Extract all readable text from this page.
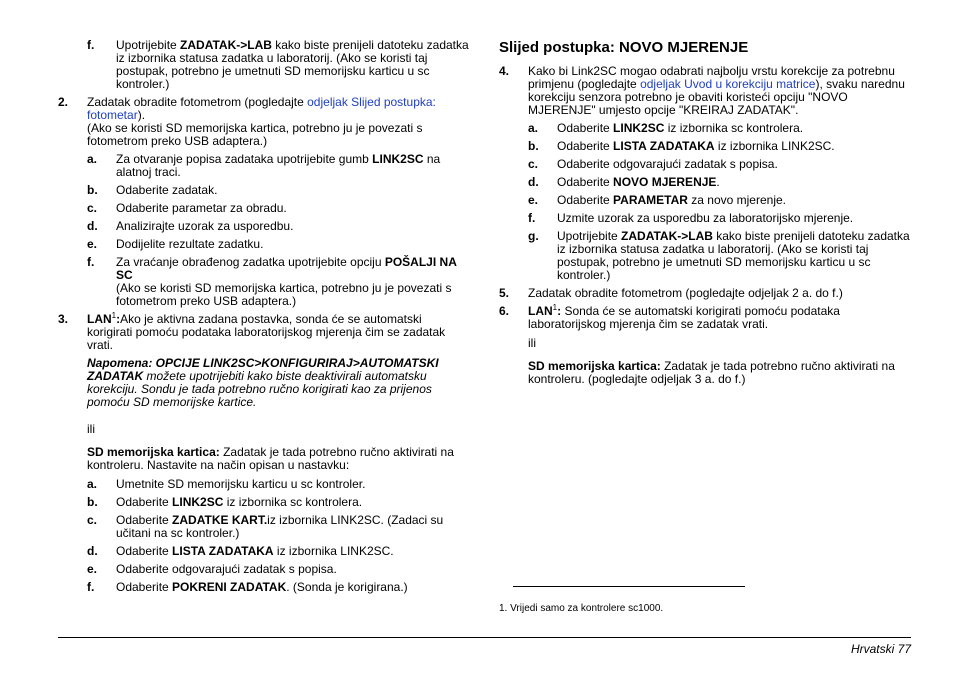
f.	Upotrijebite ZADATAK->LAB kako biste prenijeli datoteku zadatka iz izbornika statusa zadatka u laboratorij. (Ako se koristi taj postupak, potrebno je umetnuti SD memorijsku karticu u sc kontroler.)
2.	Zadatak obradite fotometrom (pogledajte odjeljak Slijed postupka: fotometar).
(Ako se koristi SD memorijska kartica, potrebno ju je povezati s fotometrom preko USB adaptera.)
a.	Za otvaranje popisa zadataka upotrijebite gumb LINK2SC na alatnoj traci.
b.	Odaberite zadatak.
c.	Odaberite parametar za obradu.
d.	Analizirajte uzorak za usporedbu.
e.	Dodijelite rezultate zadatku.
f.	Za vraćanje obrađenog zadatka upotrijebite opciju POŠALJI NA SC
(Ako se koristi SD memorijska kartica, potrebno ju je povezati s fotometrom preko USB adaptera.)
3.	LAN$^1$:Ako je aktivna zadana postavka, sonda će se automatski korigirati pomoću podataka laboratorijskog mjerenja čim se zadatak vrati.
Napomena: OPCIJE LINK2SC>KONFIGURIRAJ>AUTOMATSKI ZADATAK možete upotrijebiti kako biste deaktivirali automatsku korekciju. Sondu je tada potrebno ručno korigirati kao za prijenos pomoću SD memorijske kartice.
ili
SD memorijska kartica: Zadatak je tada potrebno ručno aktivirati na kontroleru. Nastavite na način opisan u nastavku:
a.	Umetnite SD memorijsku karticu u sc kontroler.
b.	Odaberite LINK2SC iz izbornika sc kontrolera.
c.	Odaberite ZADATKE KART.iz izbornika LINK2SC. (Zadaci su učitani na sc kontroler.)
d.	Odaberite LISTA ZADATAKA iz izbornika LINK2SC.
e.	Odaberite odgovarajući zadatak s popisa.
f.	Odaberite POKRENI ZADATAK. (Sonda je korigirana.)
Slijed postupka: NOVO MJERENJE
4.	Kako bi Link2SC mogao odabrati najbolju vrstu korekcije za potrebnu primjenu (pogledajte odjeljak Uvod u korekciju matrice), svaku narednu korekciju senzora potrebno je obaviti koristeći opciju "NOVO MJERENJE" umjesto opcije "KREIRAJ ZADATAK".
a.	Odaberite LINK2SC iz izbornika sc kontrolera.
b.	Odaberite LISTA ZADATAKA iz izbornika LINK2SC.
c.	Odaberite odgovarajući zadatak s popisa.
d.	Odaberite NOVO MJERENJE.
e.	Odaberite PARAMETAR za novo mjerenje.
f.	Uzmite uzorak za usporedbu za laboratorijsko mjerenje.
g.	Upotrijebite ZADATAK->LAB kako biste prenijeli datoteku zadatka iz izbornika statusa zadatka u laboratorij. (Ako se koristi taj postupak, potrebno je umetnuti SD memorijsku karticu u sc kontroler.)
5.	Zadatak obradite fotometrom (pogledajte odjeljak 2 a. do f.)
6.	LAN$^1$: Sonda će se automatski korigirati pomoću podataka laboratorijskog mjerenja čim se zadatak vrati.
ili
SD memorijska kartica: Zadatak je tada potrebno ručno aktivirati na kontroleru. (pogledajte odjeljak 3 a. do f.)
1. Vrijedi samo za kontrolere sc1000.
Hrvatski 77
